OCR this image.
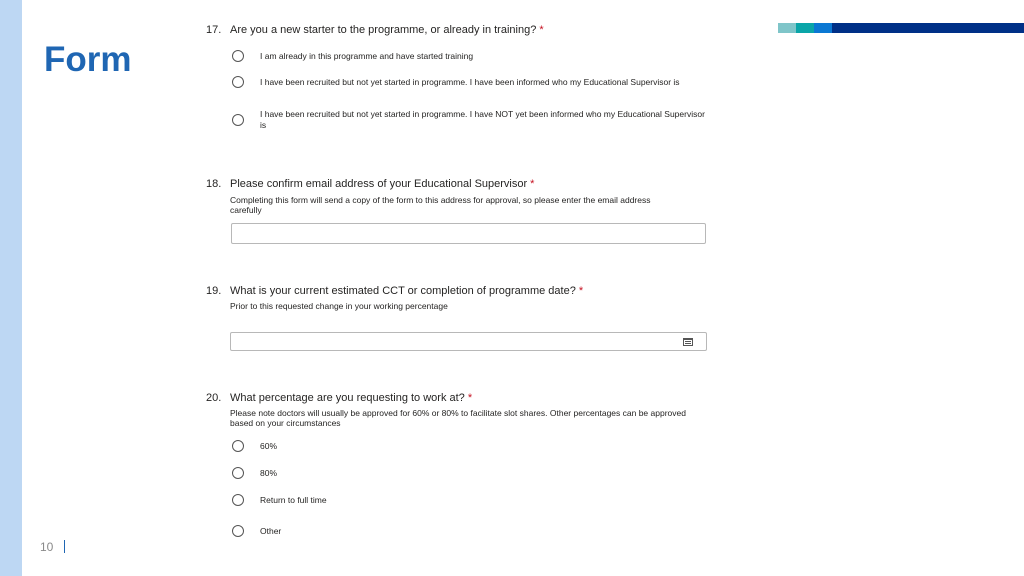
Form
17. Are you a new starter to the programme, or already in training? *
I am already in this programme and have started training
I have been recruited but not yet started in programme. I have been informed who my Educational Supervisor is
I have been recruited but not yet started in programme. I have NOT yet been informed who my Educational Supervisor is
18. Please confirm email address of your Educational Supervisor *
Completing this form will send a copy of the form to this address for approval, so please enter the email address carefully
19. What is your current estimated CCT or completion of programme date? *
Prior to this requested change in your working percentage
20. What percentage are you requesting to work at? *
Please note doctors will usually be approved for 60% or 80% to facilitate slot shares. Other percentages can be approved based on your circumstances
60%
80%
Return to full time
Other
10
